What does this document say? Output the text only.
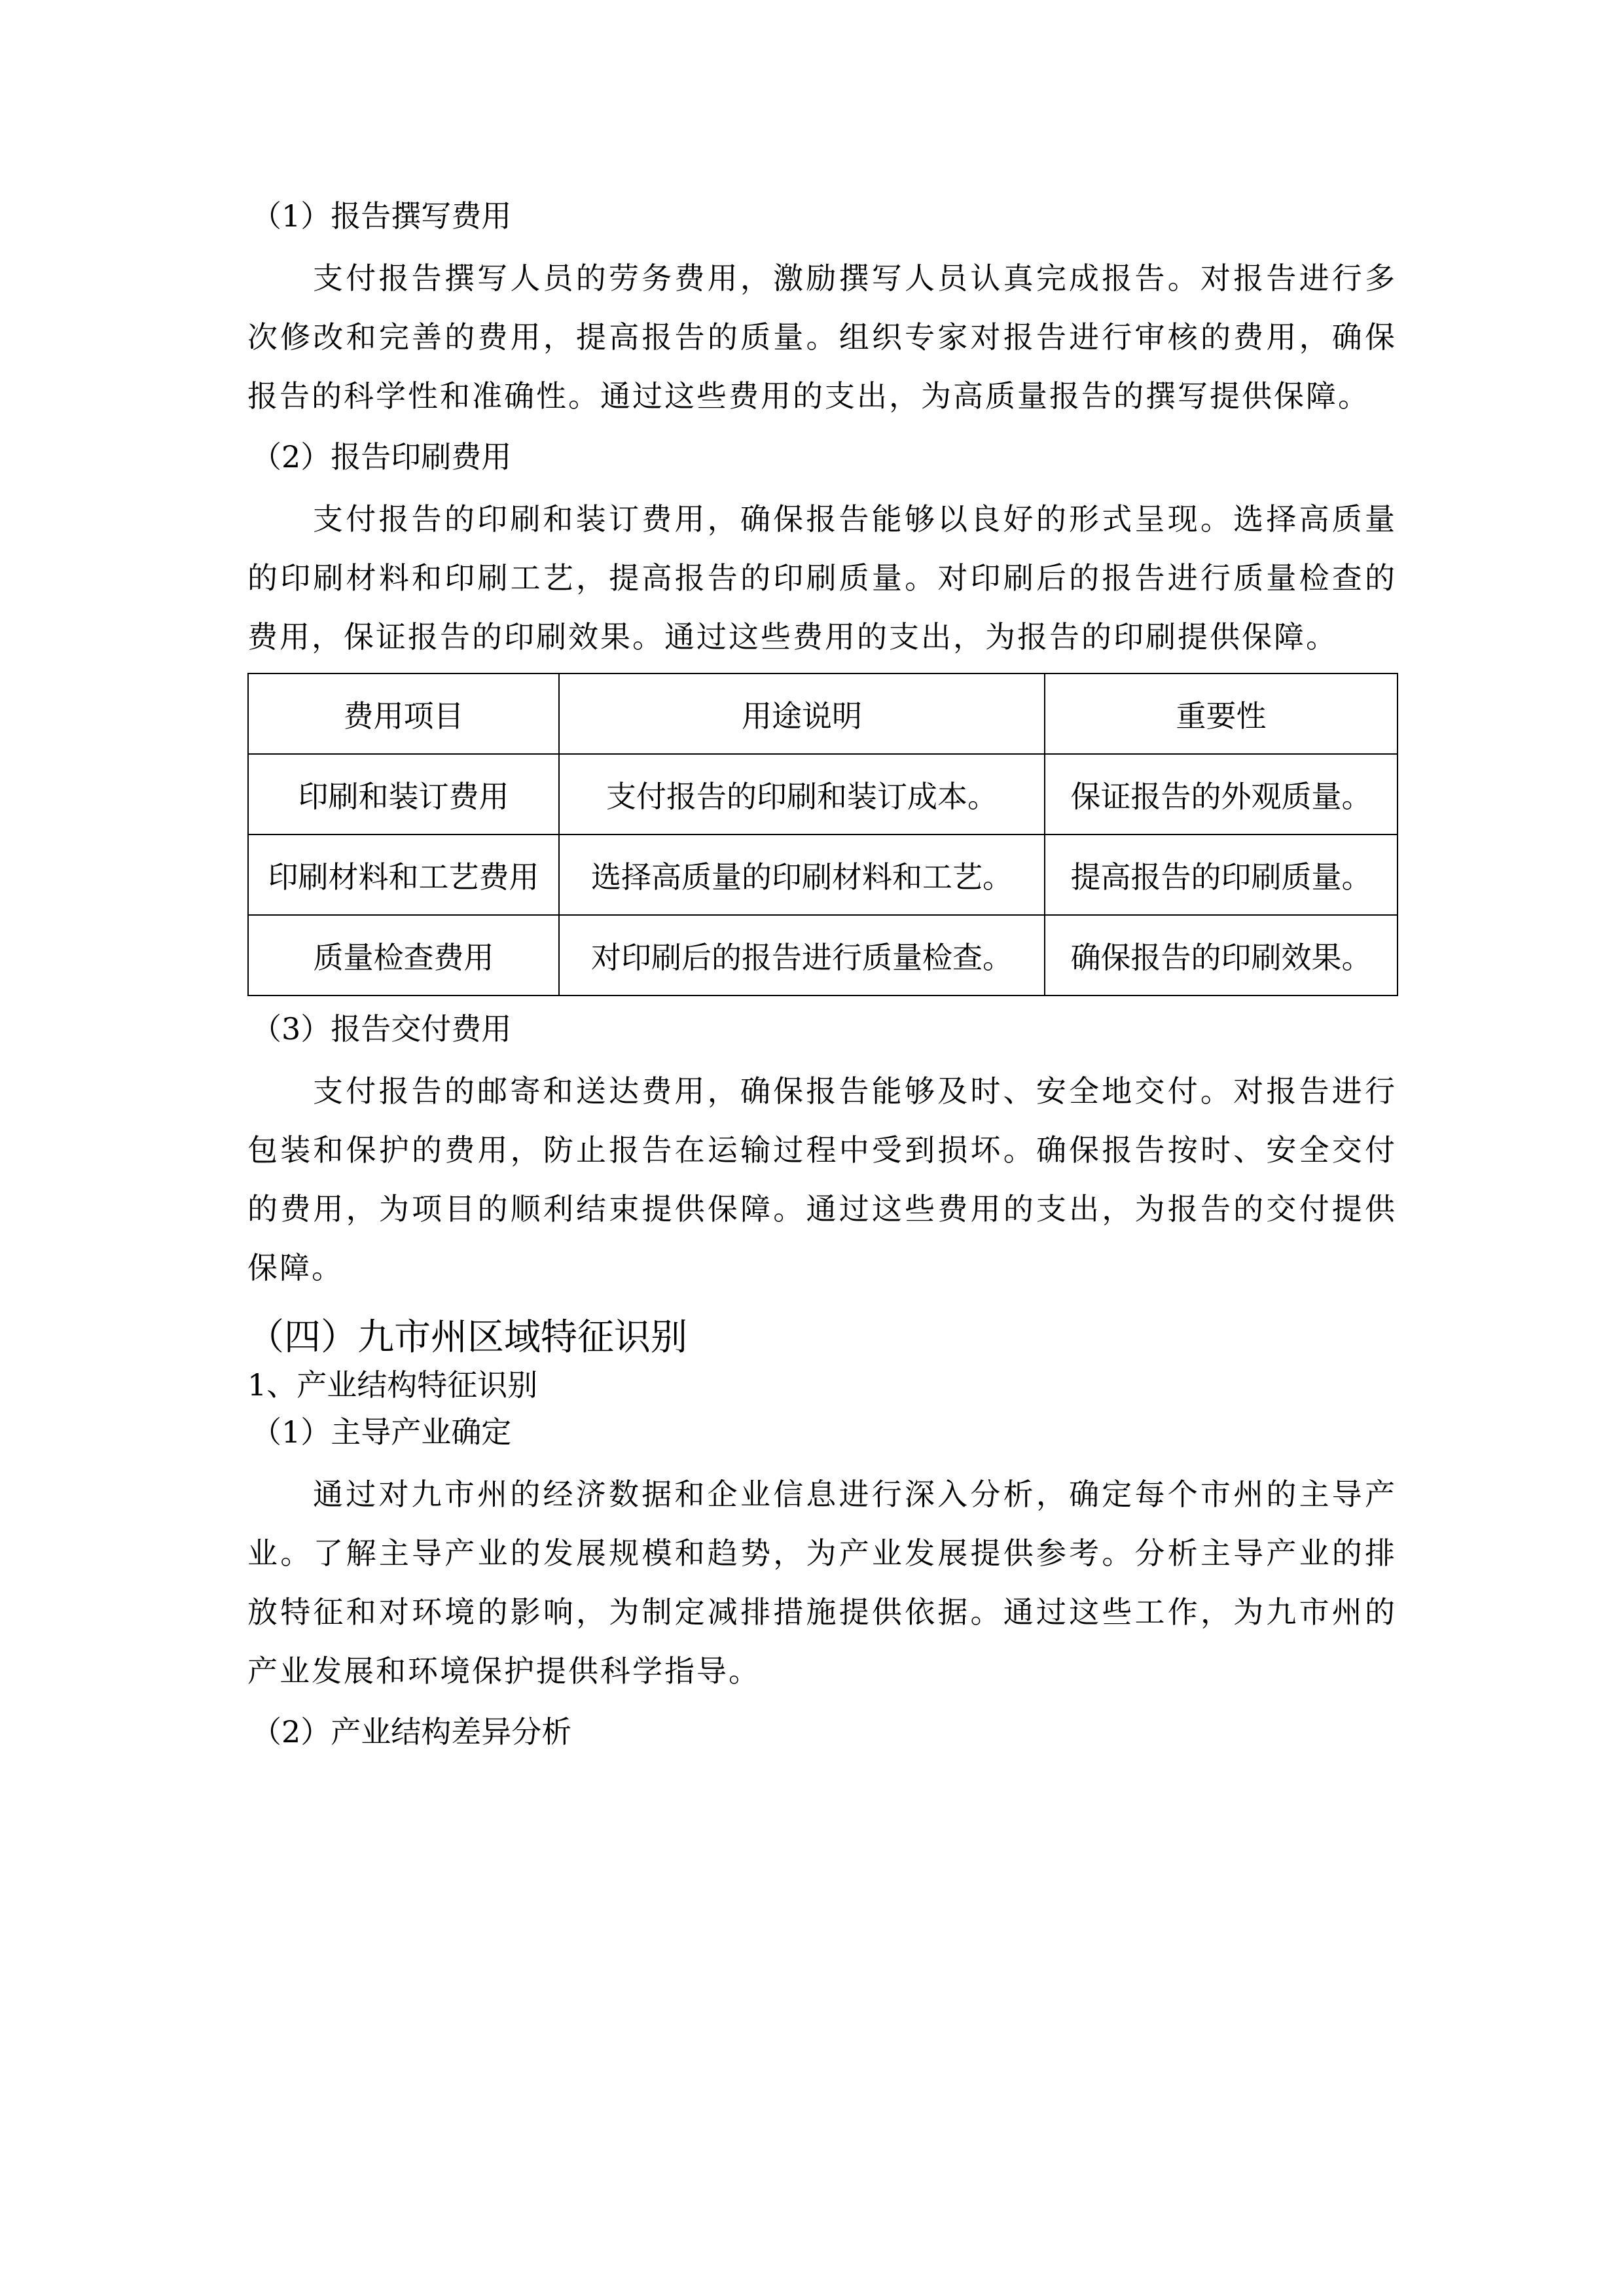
（1）报告撰写费用

支付报告撰写人员的劳务费用，激励撰写人员认真完成报告。对报告进行多次修改和完善的费用，提高报告的质量。组织专家对报告进行审核的费用，确保报告的科学性和准确性。通过这些费用的支出，为高质量报告的撰写提供保障。

（2）报告印刷费用

支付报告的印刷和装订费用，确保报告能够以良好的形式呈现。选择高质量的印刷材料和印刷工艺，提高报告的印刷质量。对印刷后的报告进行质量检查的费用，保证报告的印刷效果。通过这些费用的支出，为报告的印刷提供保障。

费用项目	用途说明	重要性
印刷和装订费用	支付报告的印刷和装订成本。	保证报告的外观质量。
印刷材料和工艺费用	选择高质量的印刷材料和工艺。	提高报告的印刷质量。
质量检查费用	对印刷后的报告进行质量检查。	确保报告的印刷效果。

（3）报告交付费用

支付报告的邮寄和送达费用，确保报告能够及时、安全地交付。对报告进行包装和保护的费用，防止报告在运输过程中受到损坏。确保报告按时、安全交付的费用，为项目的顺利结束提供保障。通过这些费用的支出，为报告的交付提供保障。

（四）九市州区域特征识别

1、产业结构特征识别

（1）主导产业确定

通过对九市州的经济数据和企业信息进行深入分析，确定每个市州的主导产业。了解主导产业的发展规模和趋势，为产业发展提供参考。分析主导产业的排放特征和对环境的影响，为制定减排措施提供依据。通过这些工作，为九市州的产业发展和环境保护提供科学指导。

（2）产业结构差异分析
